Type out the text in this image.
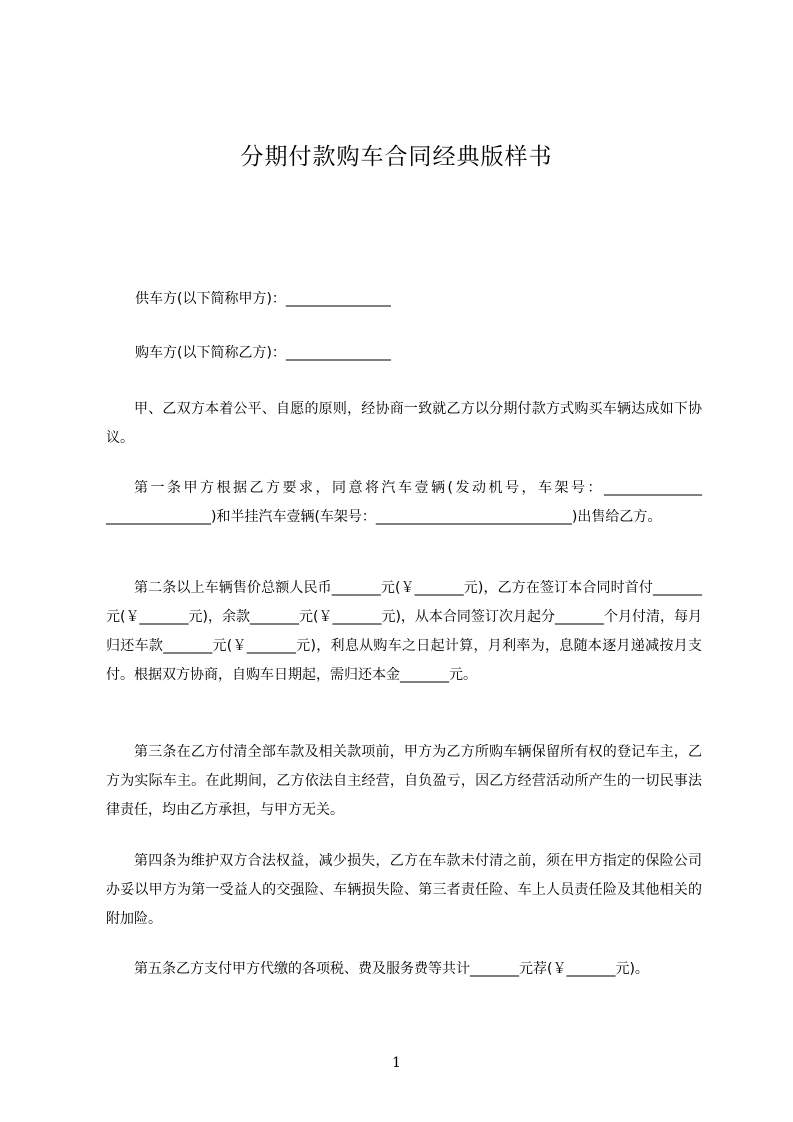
分期付款购车合同经典版样书
供车方(以下简称甲方)：_______________
购车方(以下简称乙方)：_______________
甲、乙双方本着公平、自愿的原则，经协商一致就乙方以分期付款方式购买车辆达成如下协议。
第一条甲方根据乙方要求，同意将汽车壹辆(发动机号，车架号：______________ _______________)和半挂汽车壹辆(车架号：____________________________)出售给乙方。
第二条以上车辆售价总额人民币_______元(￥_______元)，乙方在签订本合同时首付_______元(￥_______元)，余款_______元(￥_______元)，从本合同签订次月起分_______个月付清，每月归还车款_______元(￥_______元)，利息从购车之日起计算，月利率为，息随本逐月递减按月支付。根据双方协商，自购车日期起，需归还本金_______元。
第三条在乙方付清全部车款及相关款项前，甲方为乙方所购车辆保留所有权的登记车主，乙方为实际车主。在此期间，乙方依法自主经营，自负盈亏，因乙方经营活动所产生的一切民事法律责任，均由乙方承担，与甲方无关。
第四条为维护双方合法权益，减少损失，乙方在车款未付清之前，须在甲方指定的保险公司办妥以甲方为第一受益人的交强险、车辆损失险、第三者责任险、车上人员责任险及其他相关的附加险。
第五条乙方支付甲方代缴的各项税、费及服务费等共计_______元荐(￥_______元)。
1
